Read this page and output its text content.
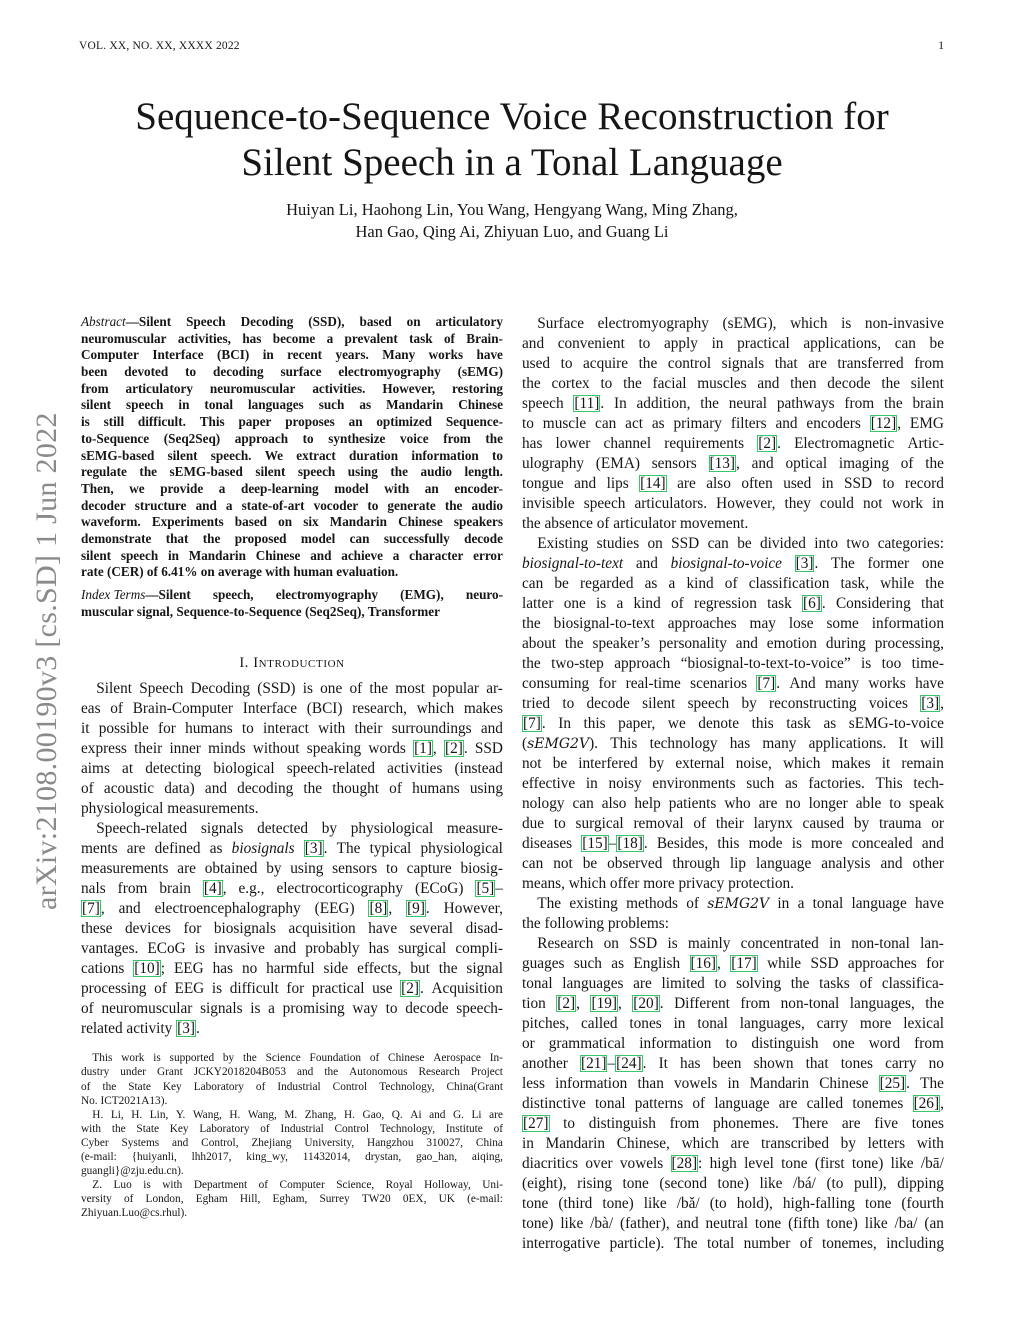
VOL. XX, NO. XX, XXXX 2022	1
Sequence-to-Sequence Voice Reconstruction for
Silent Speech in a Tonal Language
Huiyan Li, Haohong Lin, You Wang, Hengyang Wang, Ming Zhang,
Han Gao, Qing Ai, Zhiyuan Luo, and Guang Li
arXiv:2108.00190v3 [cs.SD] 1 Jun 2022
Abstract—Silent Speech Decoding (SSD), based on articulatory
neuromuscular activities, has become a prevalent task of Brain-
Computer Interface (BCI) in recent years. Many works have
been devoted to decoding surface electromyography (sEMG)
from articulatory neuromuscular activities. However, restoring
silent speech in tonal languages such as Mandarin Chinese
is still difficult. This paper proposes an optimized Sequence-
to-Sequence (Seq2Seq) approach to synthesize voice from the
sEMG-based silent speech. We extract duration information to
regulate the sEMG-based silent speech using the audio length.
Then, we provide a deep-learning model with an encoder-
decoder structure and a state-of-art vocoder to generate the audio
waveform. Experiments based on six Mandarin Chinese speakers
demonstrate that the proposed model can successfully decode
silent speech in Mandarin Chinese and achieve a character error
rate (CER) of 6.41% on average with human evaluation.
Index Terms—Silent speech, electromyography (EMG), neuro-
muscular signal, Sequence-to-Sequence (Seq2Seq), Transformer
I. INTRODUCTION
 Silent Speech Decoding (SSD) is one of the most popular ar-
eas of Brain-Computer Interface (BCI) research, which makes
it possible for humans to interact with their surroundings and
express their inner minds without speaking words [1], [2]. SSD
aims at detecting biological speech-related activities (instead
of acoustic data) and decoding the thought of humans using
physiological measurements.
 Speech-related signals detected by physiological measure-
ments are defined as biosignals [3]. The typical physiological
measurements are obtained by using sensors to capture biosig-
nals from brain [4], e.g., electrocorticography (ECoG) [5]–
[7], and electroencephalography (EEG) [8], [9]. However,
these devices for biosignals acquisition have several disad-
vantages. ECoG is invasive and probably has surgical compli-
cations [10]; EEG has no harmful side effects, but the signal
processing of EEG is difficult for practical use [2]. Acquisition
of neuromuscular signals is a promising way to decode speech-
related activity [3].
 This work is supported by the Science Foundation of Chinese Aerospace In-
dustry under Grant JCKY2018204B053 and the Autonomous Research Project
of the State Key Laboratory of Industrial Control Technology, China(Grant
No. ICT2021A13).
 H. Li, H. Lin, Y. Wang, H. Wang, M. Zhang, H. Gao, Q. Ai and G. Li are
with the State Key Laboratory of Industrial Control Technology, Institute of
Cyber Systems and Control, Zhejiang University, Hangzhou 310027, China
(e-mail: {huiyanli, lhh2017, king_wy, 11432014, drystan, gao_han, aiqing,
guangli}@zju.edu.cn).
 Z. Luo is with Department of Computer Science, Royal Holloway, Uni-
versity of London, Egham Hill, Egham, Surrey TW20 0EX, UK (e-mail:
Zhiyuan.Luo@cs.rhul).
 Surface electromyography (sEMG), which is non-invasive
and convenient to apply in practical applications, can be
used to acquire the control signals that are transferred from
the cortex to the facial muscles and then decode the silent
speech [11]. In addition, the neural pathways from the brain
to muscle can act as primary filters and encoders [12], EMG
has lower channel requirements [2]. Electromagnetic Artic-
ulography (EMA) sensors [13], and optical imaging of the
tongue and lips [14] are also often used in SSD to record
invisible speech articulators. However, they could not work in
the absence of articulator movement.
 Existing studies on SSD can be divided into two categories:
biosignal-to-text and biosignal-to-voice [3]. The former one
can be regarded as a kind of classification task, while the
latter one is a kind of regression task [6]. Considering that
the biosignal-to-text approaches may lose some information
about the speaker’s personality and emotion during processing,
the two-step approach “biosignal-to-text-to-voice” is too time-
consuming for real-time scenarios [7]. And many works have
tried to decode silent speech by reconstructing voices [3],
[7]. In this paper, we denote this task as sEMG-to-voice
(sEMG2V). This technology has many applications. It will
not be interfered by external noise, which makes it remain
effective in noisy environments such as factories. This tech-
nology can also help patients who are no longer able to speak
due to surgical removal of their larynx caused by trauma or
diseases [15]–[18]. Besides, this mode is more concealed and
can not be observed through lip language analysis and other
means, which offer more privacy protection.
 The existing methods of sEMG2V in a tonal language have
the following problems:
 Research on SSD is mainly concentrated in non-tonal lan-
guages such as English [16], [17] while SSD approaches for
tonal languages are limited to solving the tasks of classifica-
tion [2], [19], [20]. Different from non-tonal languages, the
pitches, called tones in tonal languages, carry more lexical
or grammatical information to distinguish one word from
another [21]–[24]. It has been shown that tones carry no
less information than vowels in Mandarin Chinese [25]. The
distinctive tonal patterns of language are called tonemes [26],
[27] to distinguish from phonemes. There are five tones
in Mandarin Chinese, which are transcribed by letters with
diacritics over vowels [28]: high level tone (first tone) like /bā/
(eight), rising tone (second tone) like /bá/ (to pull), dipping
tone (third tone) like /bǎ/ (to hold), high-falling tone (fourth
tone) like /bà/ (father), and neutral tone (fifth tone) like /ba/ (an
interrogative particle). The total number of tonemes, including
